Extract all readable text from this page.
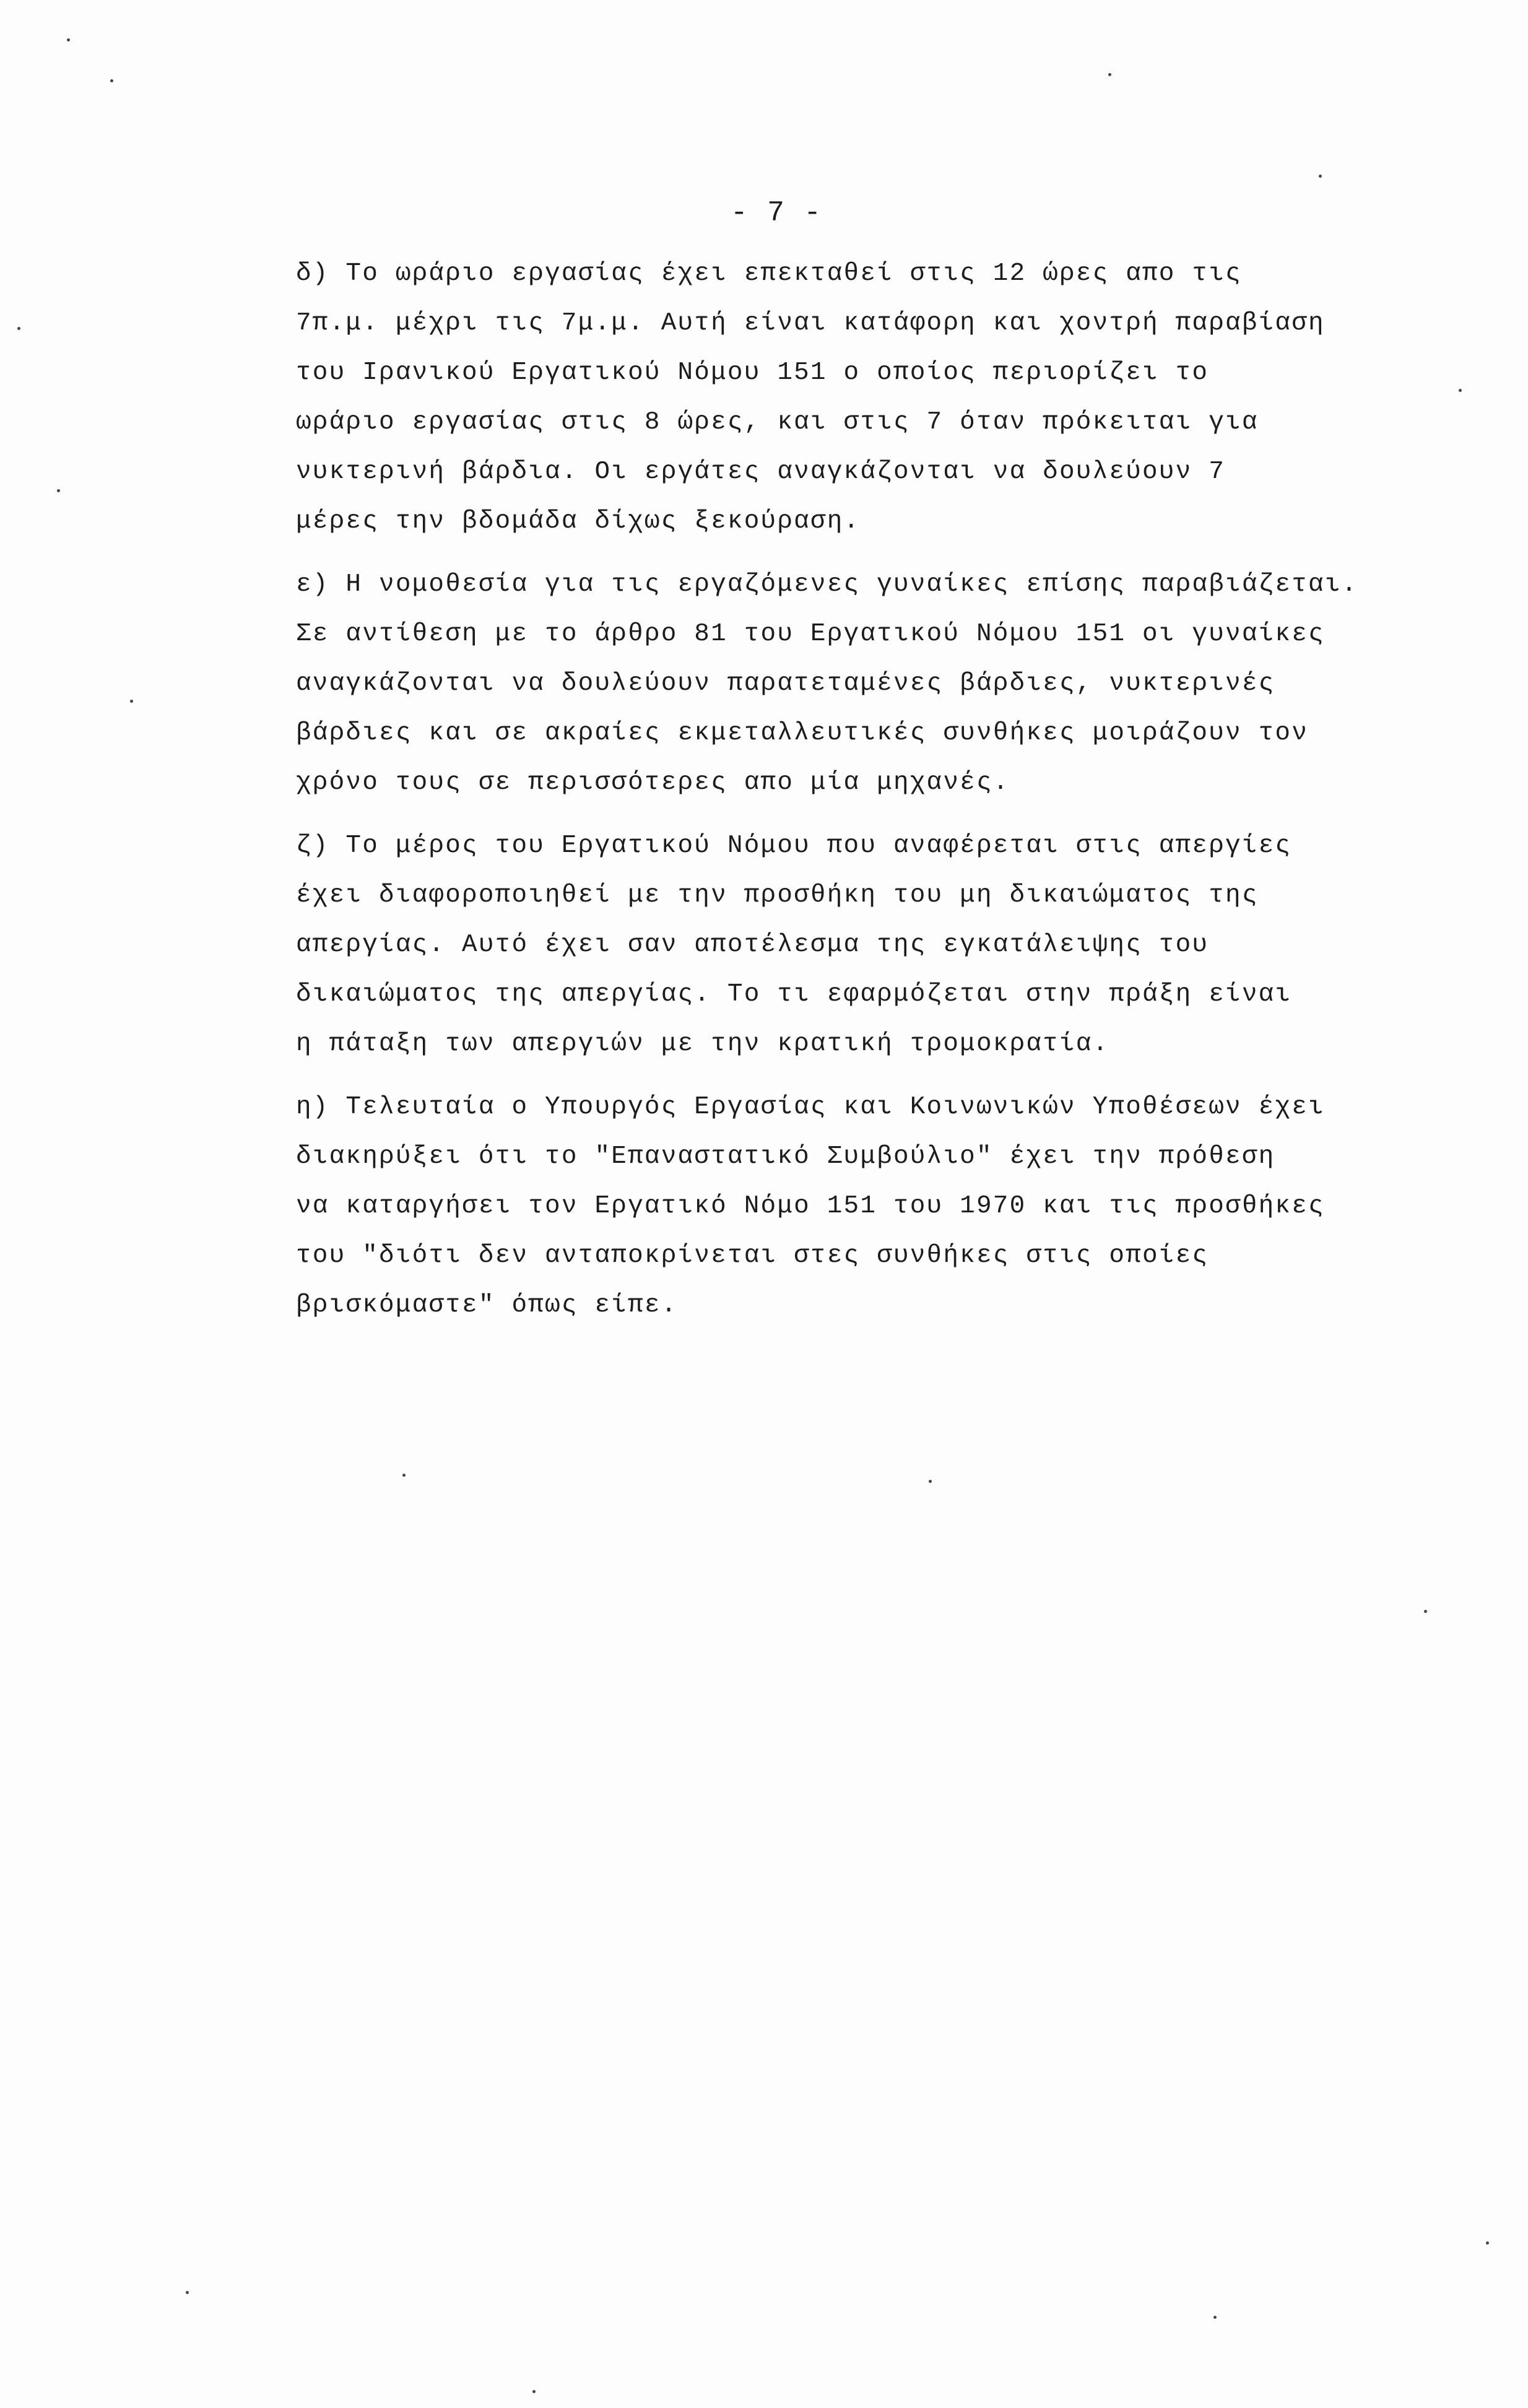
- 7 -
δ) Το ωράριο εργασίας έχει επεκταθεί στις 12 ώρες απο τις
7π.μ. μέχρι τις 7μ.μ. Αυτή είναι κατάφορη και χοντρή παραβίαση
του Ιρανικού Εργατικού Νόμου 151 ο οποίος περιορίζει το
ωράριο εργασίας στις 8 ώρες, και στις 7 όταν πρόκειται για
νυκτερινή βάρδια. Οι εργάτες αναγκάζονται να δουλεύουν 7
μέρες την βδομάδα δίχως ξεκούραση.
ε) Η νομοθεσία για τις εργαζόμενες γυναίκες επίσης παραβιάζεται.
Σε αντίθεση με το άρθρο 81 του Εργατικού Νόμου 151 οι γυναίκες
αναγκάζονται να δουλεύουν παρατεταμένες βάρδιες, νυκτερινές
βάρδιες και σε ακραίες εκμεταλλευτικές συνθήκες μοιράζουν τον
χρόνο τους σε περισσότερες απο μία μηχανές.
ζ) Το μέρος του Εργατικού Νόμου που αναφέρεται στις απεργίες
έχει διαφοροποιηθεί με την προσθήκη του μη δικαιώματος της
απεργίας. Αυτό έχει σαν αποτέλεσμα της εγκατάλειψης του
δικαιώματος της απεργίας. Το τι εφαρμόζεται στην πράξη είναι
η πάταξη των απεργιών με την κρατική τρομοκρατία.
η) Τελευταία ο Υπουργός Εργασίας και Κοινωνικών Υποθέσεων έχει
διακηρύξει ότι το "Επαναστατικό Συμβούλιο" έχει την πρόθεση
να καταργήσει τον Εργατικό Νόμο 151 του 1970 και τις προσθήκες
του "διότι δεν ανταποκρίνεται στες συνθήκες στις οποίες
βρισκόμαστε" όπως είπε.
